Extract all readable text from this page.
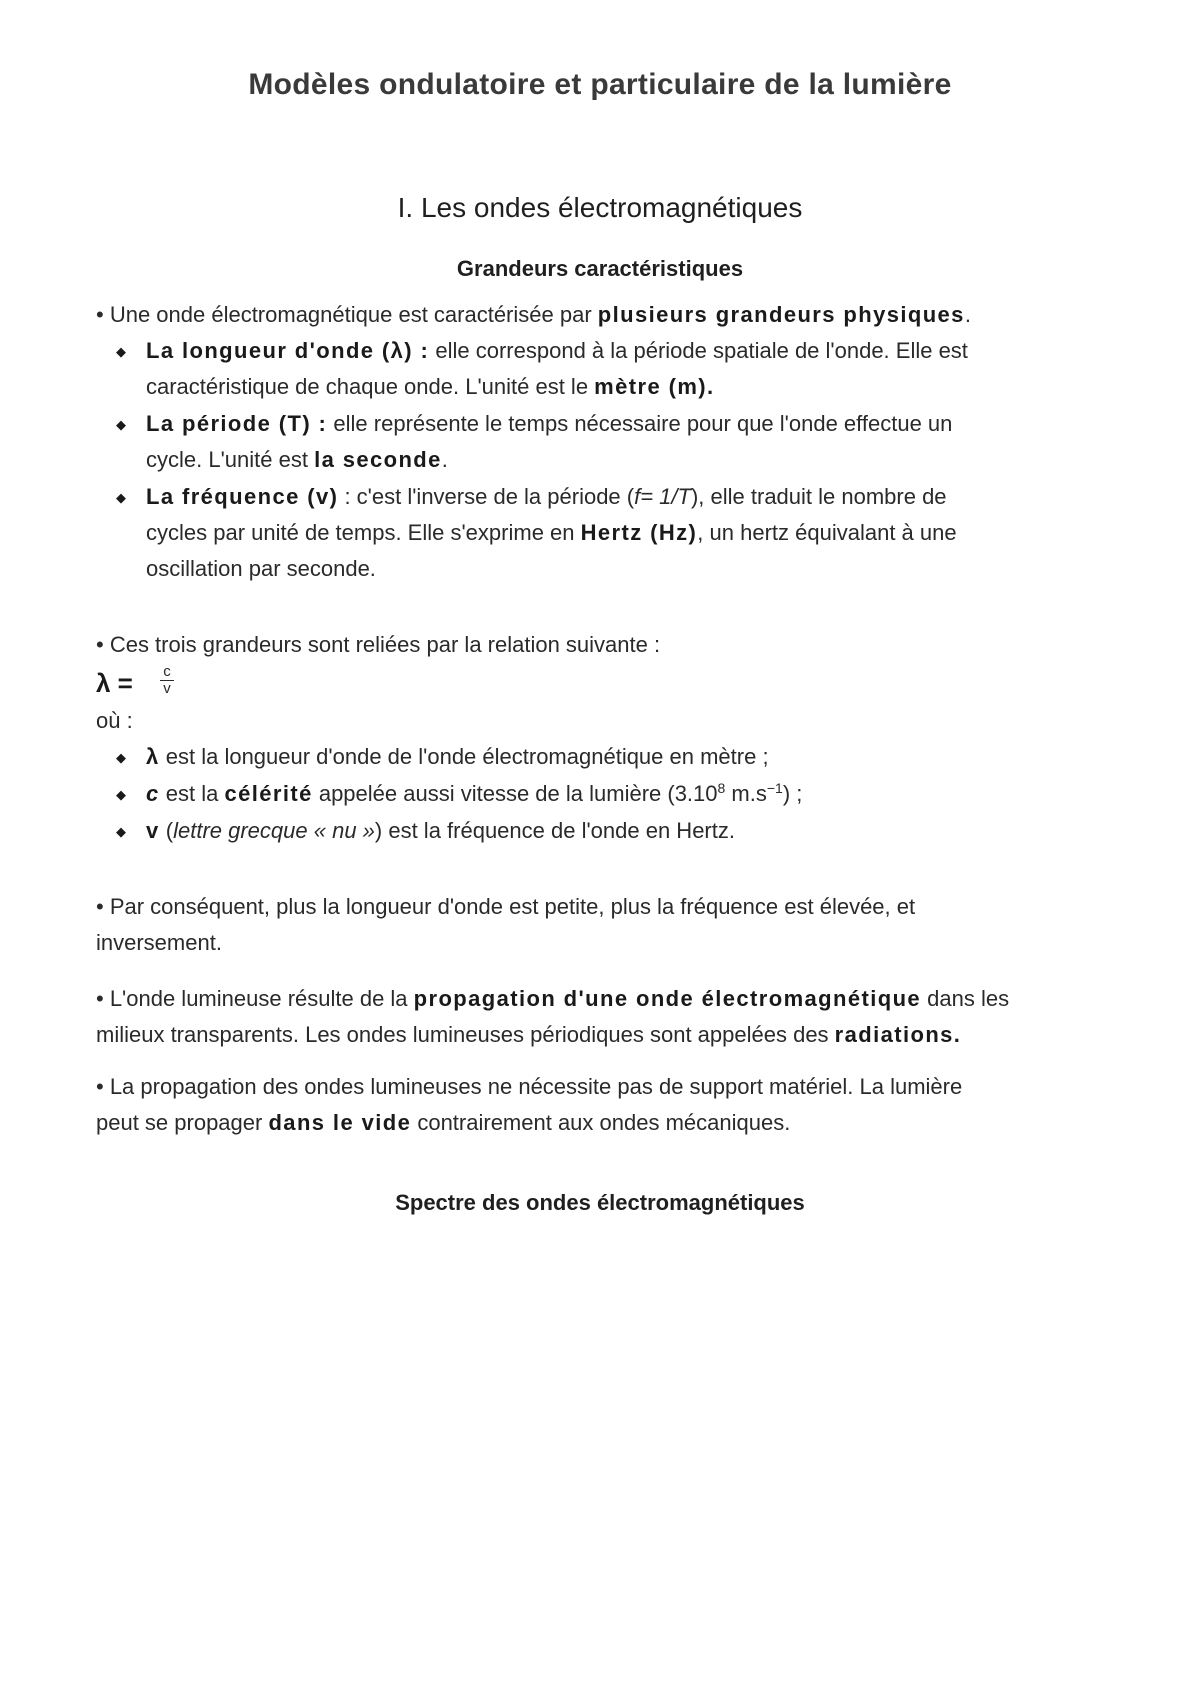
Modèles ondulatoire et particulaire de la lumière
I. Les ondes électromagnétiques
Grandeurs caractéristiques
• Une onde électromagnétique est caractérisée par plusieurs grandeurs physiques.
◆ La longueur d'onde (λ) : elle correspond à la période spatiale de l'onde. Elle est
caractéristique de chaque onde. L'unité est le mètre (m).
◆ La période (T) : elle représente le temps nécessaire pour que l'onde effectue un
cycle. L'unité est la seconde.
◆ La fréquence (v) : c'est l'inverse de la période (f= 1/T), elle traduit le nombre de
cycles par unité de temps. Elle s'exprime en Hertz (Hz), un hertz équivalant à une
oscillation par seconde.
• Ces trois grandeurs sont reliées par la relation suivante :
$\lambda = \frac{c}{v}$
où :
◆ λ est la longueur d'onde de l'onde électromagnétique en mètre ;
◆ c est la célérité appelée aussi vitesse de la lumière (3.10$^8$ $m.s^{-1}$) ;
◆ v (lettre grecque « nu ») est la fréquence de l'onde en Hertz.
• Par conséquent, plus la longueur d'onde est petite, plus la fréquence est élevée, et
inversement.
• L'onde lumineuse résulte de la propagation d'une onde électromagnétique dans les
milieux transparents. Les ondes lumineuses périodiques sont appelées des radiations.
• La propagation des ondes lumineuses ne nécessite pas de support matériel. La lumière
peut se propager dans le vide contrairement aux ondes mécaniques.
Spectre des ondes électromagnétiques
